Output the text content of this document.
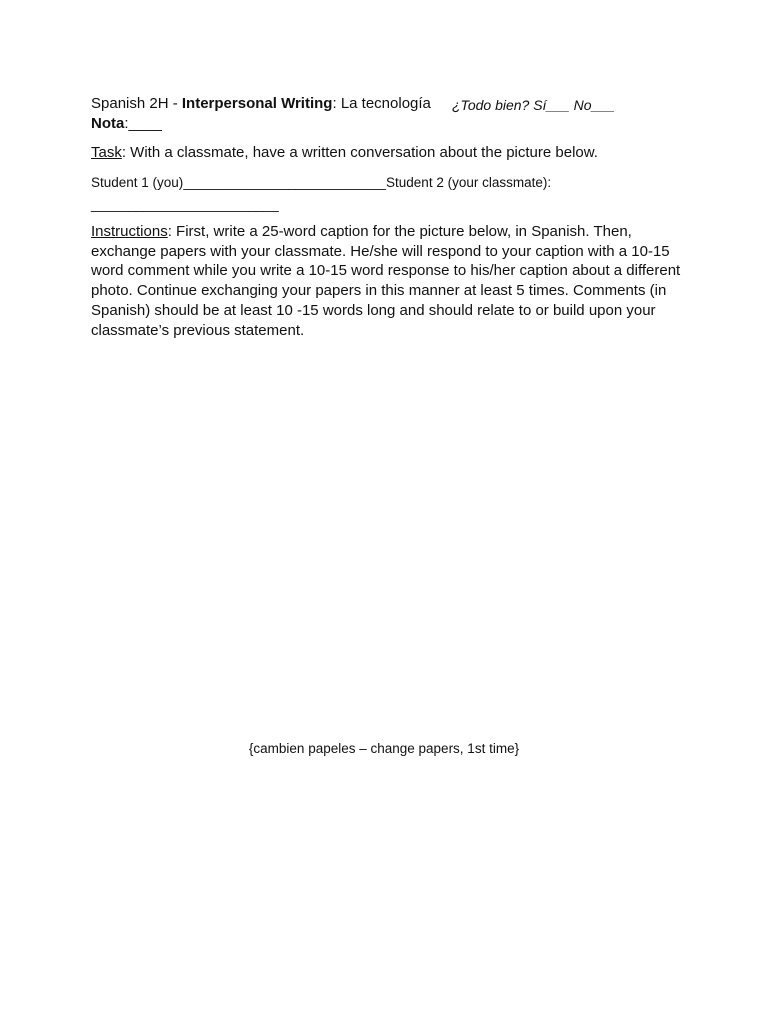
Spanish 2H - Interpersonal Writing: La tecnología ¿Todo bien? Sí___ No___
Nota:____
Task: With a classmate, have a written conversation about the picture below.
Student 1 (you)___________________________Student 2 (your classmate):
_________________________

Instructions: First, write a 25-word caption for the picture below, in Spanish. Then, exchange papers with your classmate. He/she will respond to your caption with a 10-15 word comment while you write a 10-15 word response to his/her caption about a different photo. Continue exchanging your papers in this manner at least 5 times. Comments (in Spanish) should be at least 10 -15 words long and should relate to or build upon your classmate’s previous statement.

{cambien papeles – change papers, 1st time}
